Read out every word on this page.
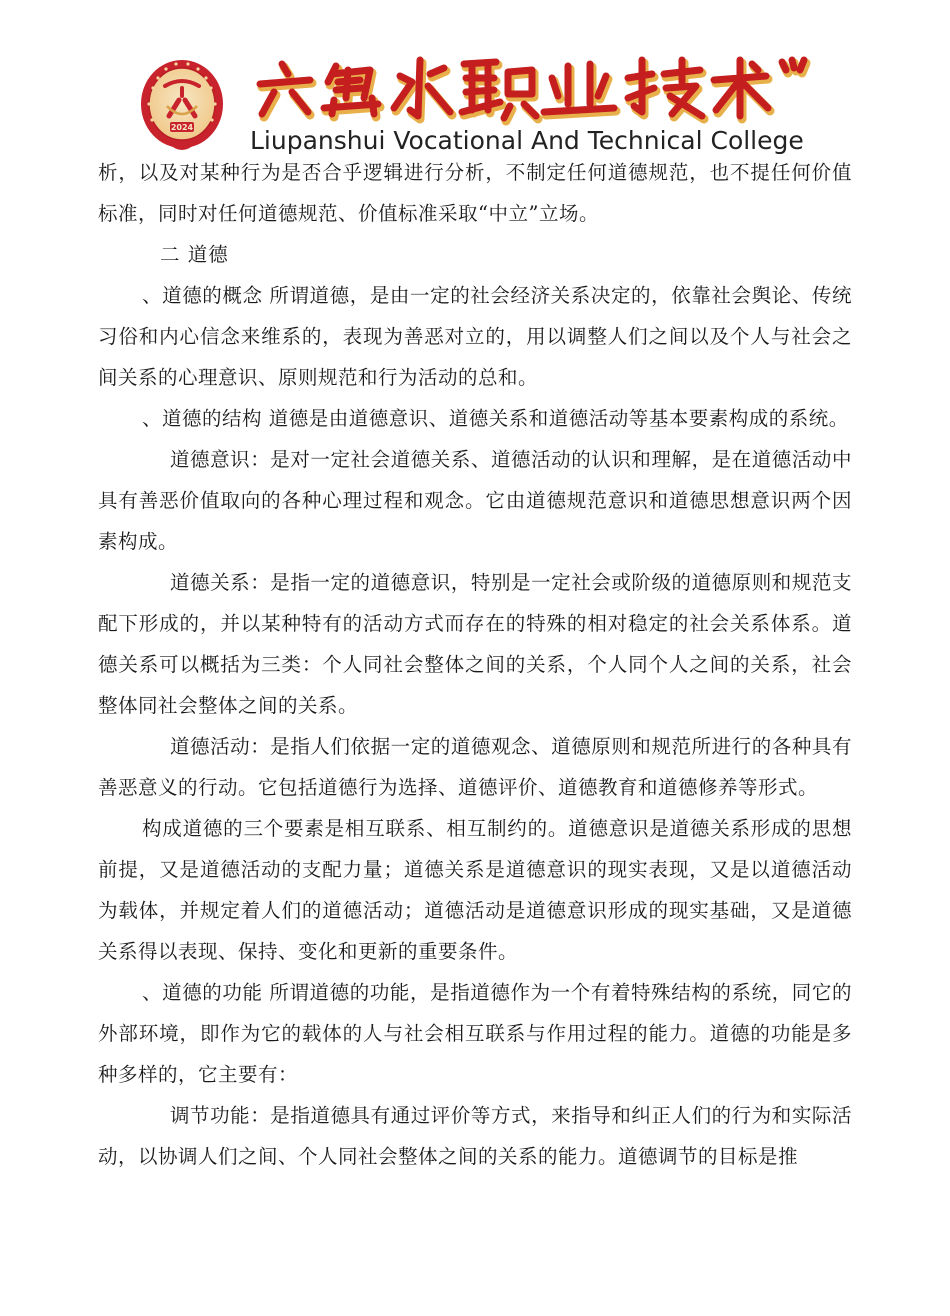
2024 Liupanshui Vocational And Technical College

析，以及对某种行为是否合乎逻辑进行分析，不制定任何道德规范，也不提任何价值标准，同时对任何道德规范、价值标准采取“中立”立场。

二 道德

、道德的概念 所谓道德，是由一定的社会经济关系决定的，依靠社会舆论、传统习俗和内心信念来维系的，表现为善恶对立的，用以调整人们之间以及个人与社会之间关系的心理意识、原则规范和行为活动的总和。

、道德的结构 道德是由道德意识、道德关系和道德活动等基本要素构成的系统。

道德意识：是对一定社会道德关系、道德活动的认识和理解，是在道德活动中具有善恶价值取向的各种心理过程和观念。它由道德规范意识和道德思想意识两个因素构成。

道德关系：是指一定的道德意识，特别是一定社会或阶级的道德原则和规范支配下形成的，并以某种特有的活动方式而存在的特殊的相对稳定的社会关系体系。道德关系可以概括为三类：个人同社会整体之间的关系，个人同个人之间的关系，社会整体同社会整体之间的关系。

道德活动：是指人们依据一定的道德观念、道德原则和规范所进行的各种具有善恶意义的行动。它包括道德行为选择、道德评价、道德教育和道德修养等形式。

构成道德的三个要素是相互联系、相互制约的。道德意识是道德关系形成的思想前提，又是道德活动的支配力量；道德关系是道德意识的现实表现，又是以道德活动为载体，并规定着人们的道德活动；道德活动是道德意识形成的现实基础，又是道德关系得以表现、保持、变化和更新的重要条件。

、道德的功能 所谓道德的功能，是指道德作为一个有着特殊结构的系统，同它的外部环境，即作为它的载体的人与社会相互联系与作用过程的能力。道德的功能是多种多样的，它主要有：

调节功能：是指道德具有通过评价等方式，来指导和纠正人们的行为和实际活动，以协调人们之间、个人同社会整体之间的关系的能力。道德调节的目标是推
